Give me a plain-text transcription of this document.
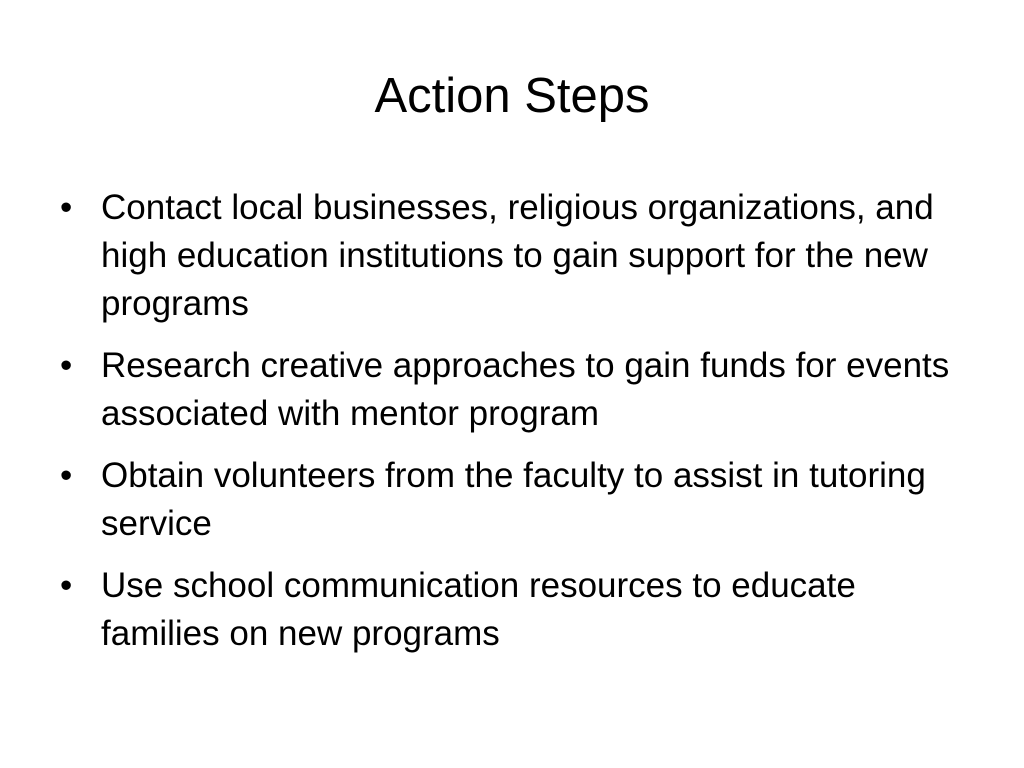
Action Steps
• Contact local businesses, religious organizations, and high education institutions to gain support for the new programs
• Research creative approaches to gain funds for events associated with mentor program
• Obtain volunteers from the faculty to assist in tutoring service
• Use school communication resources to educate families on new programs
